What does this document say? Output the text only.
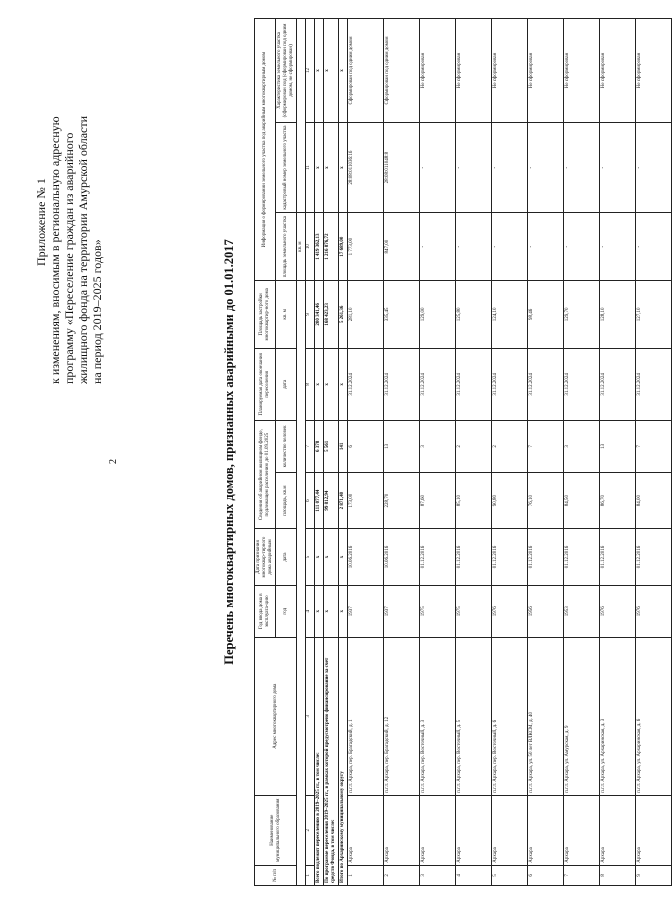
2
Приложение № 1 к изменениям, вносимым в региональную адресную программу «Переселение граждан из аварийного жилищного фонда на территории Амурской области на период 2019–2025 годов»	Перечень многоквартирных домов, признанных аварийными до 01.01.2017
№ п/п	Наименование муниципального образования	Адрес многоквартирного дома	Год ввода дома в эксплуата-цию	Дата признания многоквар-тирного дома аварийным	Сведения об аварийном жилищном фонде, подлежащем расселению до 01.09.2025		Планируемая дата окончания переселения	Площадь застройки многоквартир-ного дома	Информация о формировании земельного участка под аварийным многоквартирным домом		
			год	дата	площадь, кв.м	количество человек	дата	кв. м	площадь земельного участка	кадастровый номер земельного участка	Характеристика земельного участка (сформирован под (сформирован под одним домом, не сформирован)
									кв. м		
1	2	3	4	5	6	7	8	9	10	11	12
Всего подлежит переселению в 2019–2025 гг., в том числе:			x	x	111 077,44	6 378	x	200 341,46	1 419 362,13	x	x
По программе переселения 2019–2025 гг., в рамках которой предусмотрено финансирование за счет средств Фонда, в том числе:			x	x	99 812,94	5 561	x	168 423,23	1 216 876,72	x	x
Итого по Архаринскому муниципальному округу			x	x	2 871,40	141	x	5 261,36	17 689,00	x	x
1	Архара	п.г.т. Архара, пер. Брагадский, д. 1	1937	10.06.2016	173,00	6	31.12.2024	281,10	1 773,00	28:08:011036:16	Сформирован под одним домом
2	Архара	п.г.т. Архара, пер. Брагадский, д. 12	1937	10.06.2016	228,70	13	31.12.2024	335,45	847,00	28:08:011048:8	Сформирован под одним домом
3	Архара	п.г.т. Архара, пер. Восточный, д. 3	1975	01.12.2016	87,60	3	31.12.2024	129,00	-	-	Не сформирован
4	Архара	п.г.т. Архара, пер. Восточный, д. 5	1975	01.12.2016	85,10	2	31.12.2024	125,80	-	-	Не сформирован
5	Архара	п.г.т. Архара, пер. Восточный, д. 6	1976	01.12.2016	90,80	2	31.12.2024	124,10	-	-	Не сформирован
6	Архара	п.г.т. Архара, ул. 50 лет ВЛКСМ, д. 40	1956	01.12.2016	76,10	7	31.12.2024	98,46	-	-	Не сформирован
7	Архара	п.г.т. Архара, ул. Амурская, д. 9	1953	01.12.2016	84,50	3	31.12.2024	129,70	-	-	Не сформирован
8	Архара	п.г.т. Архара, ул. Архаринская, д. 3	1976	01.12.2016	86,70	13	31.12.2024	128,10	-	-	Не сформирован
9	Архара	п.г.т. Архара, ул. Архаринская, д. 6	1976	01.12.2016	84,00	7	31.12.2024	127,10	-	-	Не сформирован
